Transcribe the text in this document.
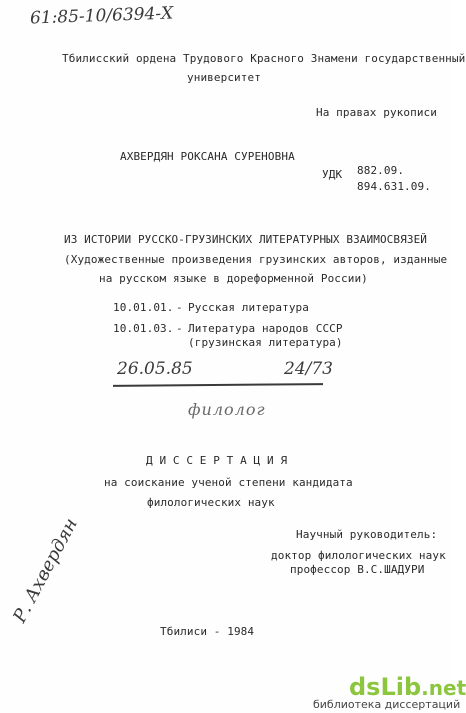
61:85-10/6394-Х
Тбилисский ордена Трудового Красного Знамени государственный
университет
На правах рукописи
АХВЕРДЯН РОКСАНА СУРЕНОВНА
УДК 882.09.
894.631.09.
ИЗ ИСТОРИИ РУССКО-ГРУЗИНСКИХ ЛИТЕРАТУРНЫХ ВЗАИМОСВЯЗЕЙ
(Художественные произведения грузинских авторов, изданные
на русском языке в дореформенной России)
10.01.01. - Русская литература
10.01.03. - Литература народов СССР
(грузинская литература)
26.05.85	24/73
филолог
Д И С С Е Р Т А Ц И Я
на соискание ученой степени кандидата
филологических наук
Научный руководитель:
доктор филологических наук
профессор В.С.ШАДУРИ
Р. Ахвердян
Тбилиси - 1984
dsLib.net
библиотека диссертаций
